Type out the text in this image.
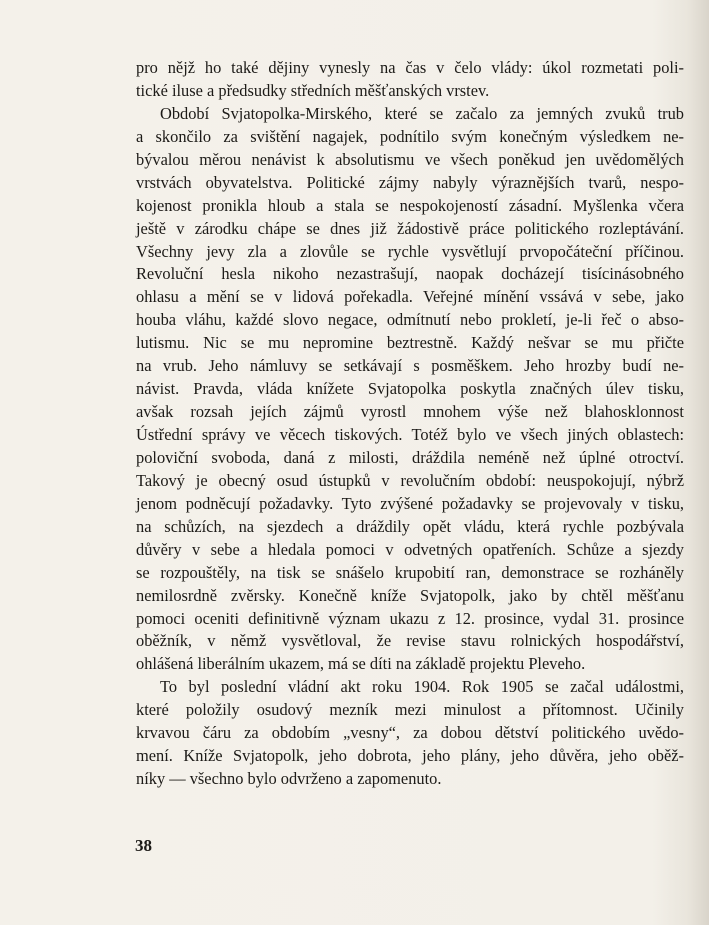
pro nějž ho také dějiny vynesly na čas v čelo vlády: úkol rozmetati poli-
tické iluse a předsudky středních měšťanských vrstev.
Období Svjatopolka-Mirského, které se začalo za jemných zvuků trub
a skončilo za svištění nagajek, podnítilo svým konečným výsledkem ne-
bývalou měrou nenávist k absolutismu ve všech poněkud jen uvědomělých
vrstvách obyvatelstva. Politické zájmy nabyly výraznějších tvarů, nespo-
kojenost pronikla hloub a stala se nespokojeností zásadní. Myšlenka včera
ještě v zárodku chápe se dnes již žádostivě práce politického rozleptávání.
Všechny jevy zla a zlovůle se rychle vysvětlují prvopočáteční příčinou.
Revoluční hesla nikoho nezastrašují, naopak docházejí tisícinásobného
ohlasu a mění se v lidová pořekadla. Veřejné mínění vssává v sebe, jako
houba vláhu, každé slovo negace, odmítnutí nebo prokletí, je-li řeč o abso-
lutismu. Nic se mu nepromine beztrestně. Každý nešvar se mu přičte
na vrub. Jeho námluvy se setkávají s posměškem. Jeho hrozby budí ne-
návist. Pravda, vláda knížete Svjatopolka poskytla značných úlev tisku,
avšak rozsah jejích zájmů vyrostl mnohem výše než blahosklonnost
Ústřední správy ve věcech tiskových. Totéž bylo ve všech jiných oblastech:
poloviční svoboda, daná z milosti, dráždila neméně než úplné otroctví.
Takový je obecný osud ústupků v revolučním období: neuspokojují, nýbrž
jenom podněcují požadavky. Tyto zvýšené požadavky se projevovaly v tisku,
na schůzích, na sjezdech a dráždily opět vládu, která rychle pozbývala
důvěry v sebe a hledala pomoci v odvetných opatřeních. Schůze a sjezdy
se rozpouštěly, na tisk se snášelo krupobití ran, demonstrace se rozháněly
nemilosrdně zvěrsky. Konečně kníže Svjatopolk, jako by chtěl měšťanu
pomoci oceniti definitivně význam ukazu z 12. prosince, vydal 31. prosince
oběžník, v němž vysvětloval, že revise stavu rolnických hospodářství,
ohlášená liberálním ukazem, má se díti na základě projektu Pleveho.
To byl poslední vládní akt roku 1904. Rok 1905 se začal událostmi,
které položily osudový mezník mezi minulost a přítomnost. Učinily
krvavou čáru za obdobím „vesny“, za dobou dětství politického uvědo-
mení. Kníže Svjatopolk, jeho dobrota, jeho plány, jeho důvěra, jeho oběž-
níky — všechno bylo odvrženo a zapomenuto.
38
